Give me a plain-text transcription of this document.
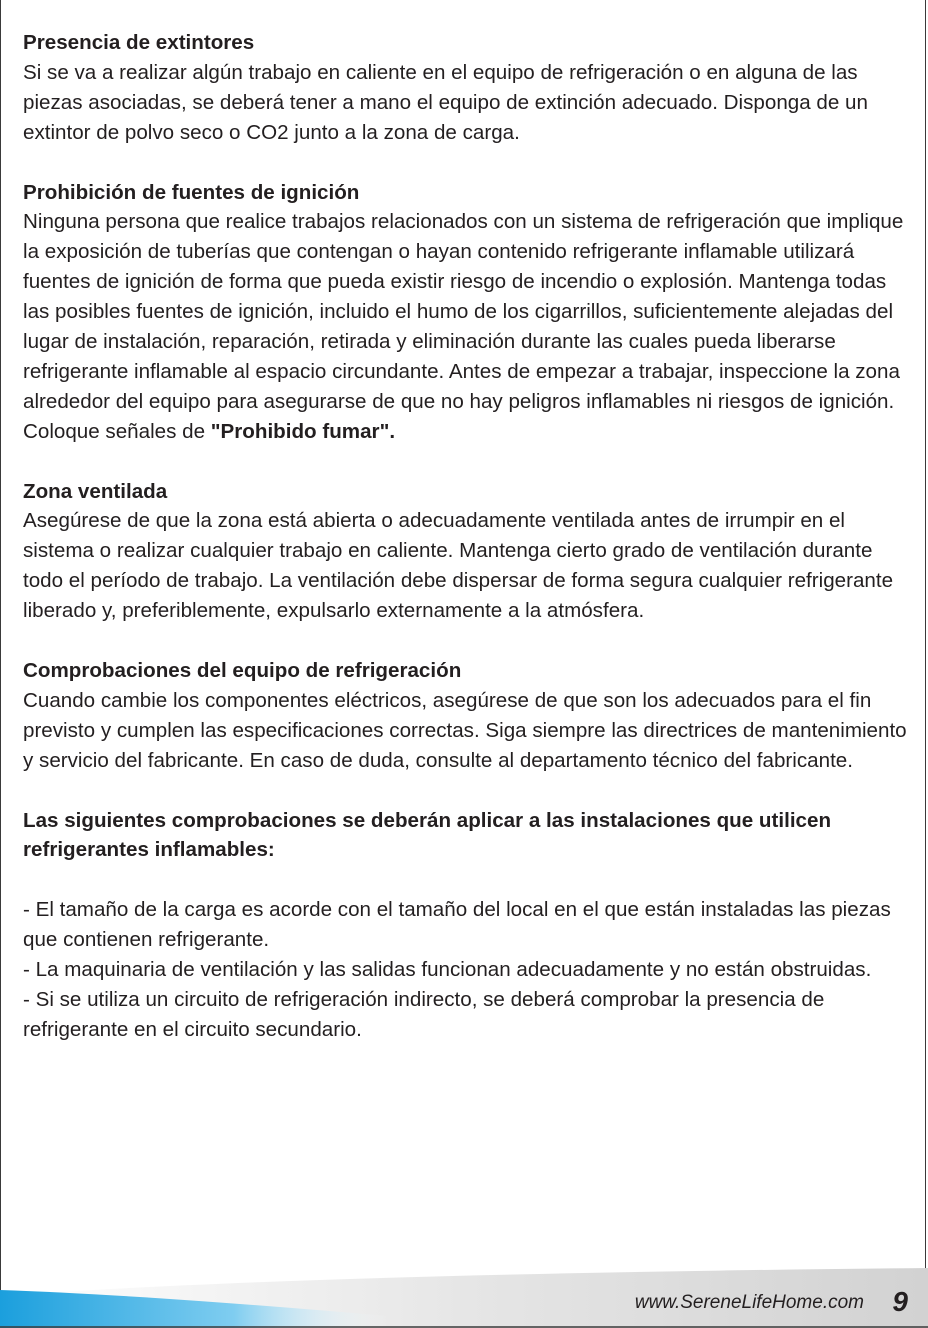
Presencia de extintores

Si se va a realizar algún trabajo en caliente en el equipo de refrigeración o en alguna de las piezas asociadas, se deberá tener a mano el equipo de extinción adecuado. Disponga de un extintor de polvo seco o CO2 junto a la zona de carga.

Prohibición de fuentes de ignición

Ninguna persona que realice trabajos relacionados con un sistema de refrigeración que implique la exposición de tuberías que contengan o hayan contenido refrigerante inflamable utilizará fuentes de ignición de forma que pueda existir riesgo de incendio o explosión. Mantenga todas las posibles fuentes de ignición, incluido el humo de los cigarrillos, suficientemente alejadas del lugar de instalación, reparación, retirada y eliminación durante las cuales pueda liberarse refrigerante inflamable al espacio circundante. Antes de empezar a trabajar, inspeccione la zona alrededor del equipo para asegurarse de que no hay peligros inflamables ni riesgos de ignición. Coloque señales de "Prohibido fumar".

Zona ventilada

Asegúrese de que la zona está abierta o adecuadamente ventilada antes de irrumpir en el sistema o realizar cualquier trabajo en caliente. Mantenga cierto grado de ventilación durante todo el período de trabajo. La ventilación debe dispersar de forma segura cualquier refrigerante liberado y, preferiblemente, expulsarlo externamente a la atmósfera.

Comprobaciones del equipo de refrigeración

Cuando cambie los componentes eléctricos, asegúrese de que son los adecuados para el fin previsto y cumplen las especificaciones correctas. Siga siempre las directrices de mantenimiento y servicio del fabricante. En caso de duda, consulte al departamento técnico del fabricante.

Las siguientes comprobaciones se deberán aplicar a las instalaciones que utilicen refrigerantes inflamables:

- El tamaño de la carga es acorde con el tamaño del local en el que están instaladas las piezas que contienen refrigerante.

- La maquinaria de ventilación y las salidas funcionan adecuadamente y no están obstruidas.

- Si se utiliza un circuito de refrigeración indirecto, se deberá comprobar la presencia de refrigerante en el circuito secundario.

www.SereneLifeHome.com 9
